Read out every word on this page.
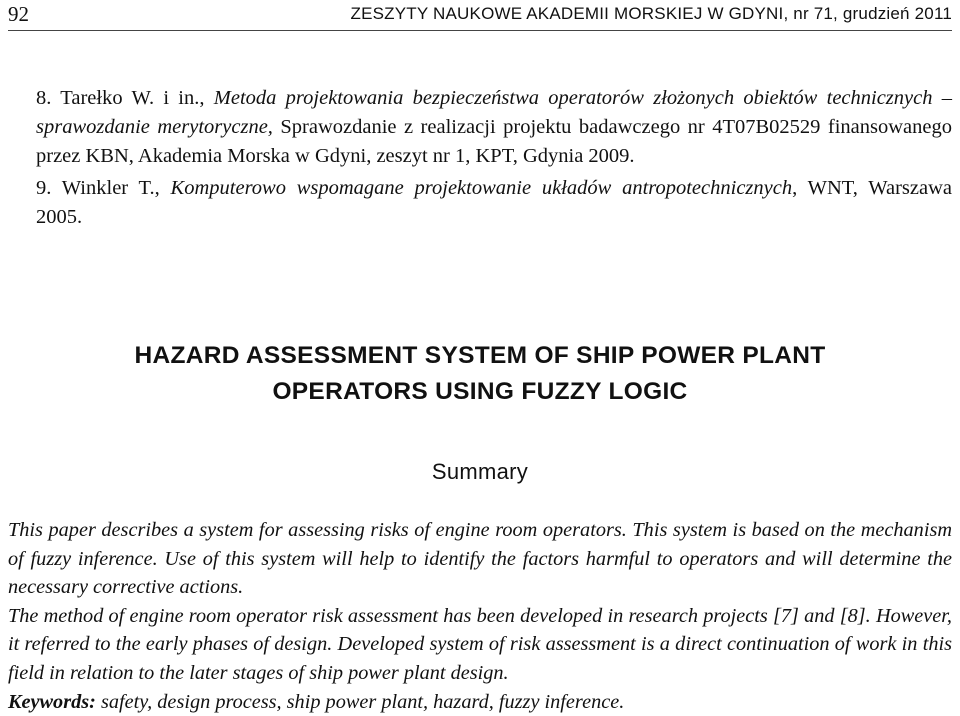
92	ZESZYTY NAUKOWE AKADEMII MORSKIEJ W GDYNI, nr 71, grudzień 2011

8. Tarełko W. i in., Metoda projektowania bezpieczeństwa operatorów złożonych obiektów technicznych – sprawozdanie merytoryczne, Sprawozdanie z realizacji projektu badawczego nr 4T07B02529 finansowanego przez KBN, Akademia Morska w Gdyni, zeszyt nr 1, KPT, Gdynia 2009.

9. Winkler T., Komputerowo wspomagane projektowanie układów antropotechnicznych, WNT, Warszawa 2005.

HAZARD ASSESSMENT SYSTEM OF SHIP POWER PLANT
OPERATORS USING FUZZY LOGIC
Summary

This paper describes a system for assessing risks of engine room operators. This system is based on the mechanism of fuzzy inference. Use of this system will help to identify the factors harmful to operators and will determine the necessary corrective actions.

The method of engine room operator risk assessment has been developed in research projects [7] and [8]. However, it referred to the early phases of design. Developed system of risk assessment is a direct continuation of work in this field in relation to the later stages of ship power plant design.

Keywords: safety, design process, ship power plant, hazard, fuzzy inference.
